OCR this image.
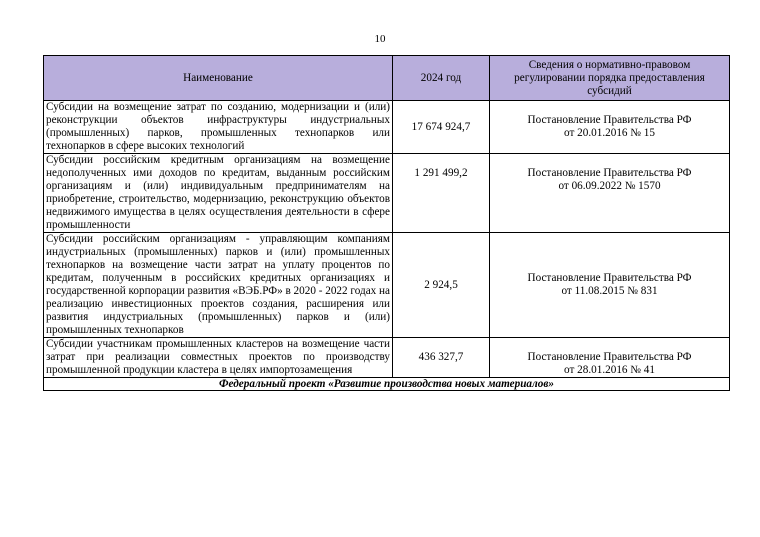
10
Наименование	2024 год	Сведения о нормативно-правовом регулировании порядка предоставления субсидий
Субсидии на возмещение затрат по созданию, модернизации и (или) реконструкции объектов инфраструктуры индустриальных (промышленных) парков, промышленных технопарков или технопарков в сфере высоких технологий	17 674 924,7	Постановление Правительства РФ
от 20.01.2016 № 15

Субсидии российским кредитным организациям на возмещение недополученных ими доходов по кредитам, выданным российским организациям и (или) индивидуальным предпринимателям на приобретение, строительство, модернизацию, реконструкцию объектов недвижимого имущества в целях осуществления деятельности в сфере промышленности	1 291 499,2	Постановление Правительства РФ
от 06.09.2022 № 1570

Субсидии российским организациям - управляющим компаниям индустриальных (промышленных) парков и (или) промышленных технопарков на возмещение части затрат на уплату процентов по кредитам, полученным в российских кредитных организациях и государственной корпорации развития «ВЭБ.РФ» в 2020 - 2022 годах на реализацию инвестиционных проектов создания, расширения или развития индустриальных (промышленных) парков и (или) промышленных технопарков	2 924,5	Постановление Правительства РФ
от 11.08.2015 № 831

Субсидии участникам промышленных кластеров на возмещение части затрат при реализации совместных проектов по производству промышленной продукции кластера в целях импортозамещения	436 327,7	Постановление Правительства РФ
от 28.01.2016 № 41

Федеральный проект «Развитие производства новых материалов»		
